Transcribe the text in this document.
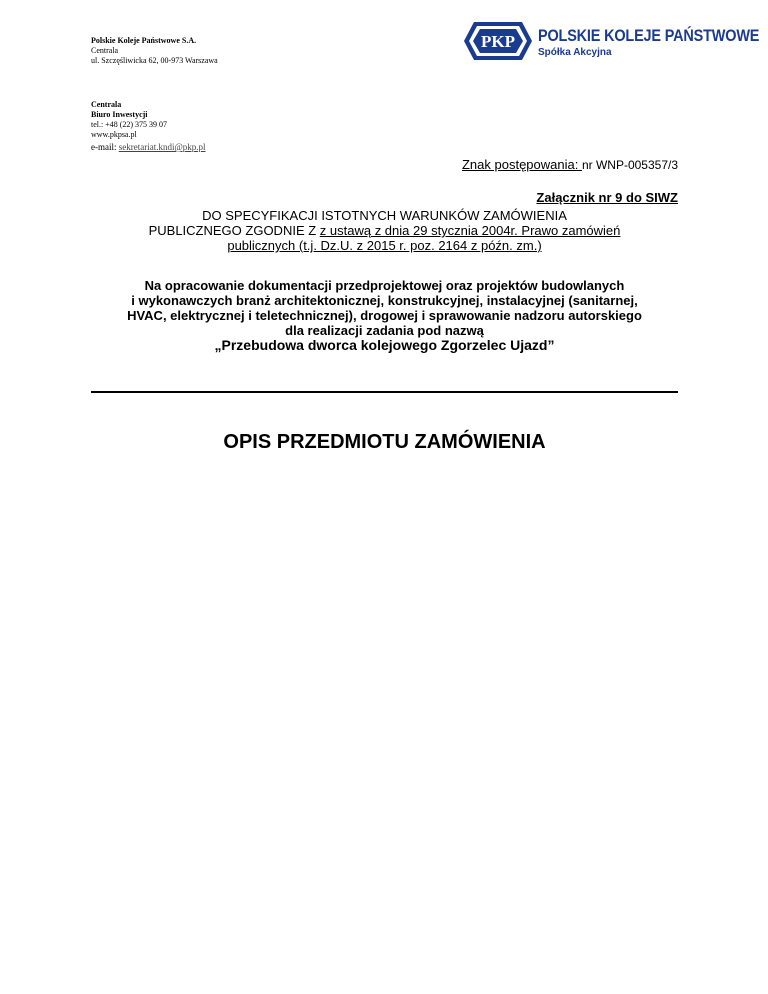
Polskie Koleje Państwowe S.A.
Centrala
ul. Szczęśliwicka 62, 00-973 Warszawa
PKP POLSKIE KOLEJE PAŃSTWOWE
Spółka Akcyjna
Centrala
Biuro Inwestycji
tel.: +48 (22) 375 39 07
www.pkpsa.pl
e-mail: sekretariat.kndi@pkp.pl
Znak postępowania: nr WNP-005357/3
Załącznik nr 9 do SIWZ
DO SPECYFIKACJI ISTOTNYCH WARUNKÓW ZAMÓWIENIA
PUBLICZNEGO ZGODNIE Z z ustawą z dnia 29 stycznia 2004r. Prawo zamówień
publicznych (t.j. Dz.U. z 2015 r. poz. 2164 z późn. zm.)
Na opracowanie dokumentacji przedprojektowej oraz projektów budowlanych
i wykonawczych branż architektonicznej, konstrukcyjnej, instalacyjnej (sanitarnej,
HVAC, elektrycznej i teletechnicznej), drogowej i sprawowanie nadzoru autorskiego
dla realizacji zadania pod nazwą
„Przebudowa dworca kolejowego Zgorzelec Ujazd”
OPIS PRZEDMIOTU ZAMÓWIENIA
